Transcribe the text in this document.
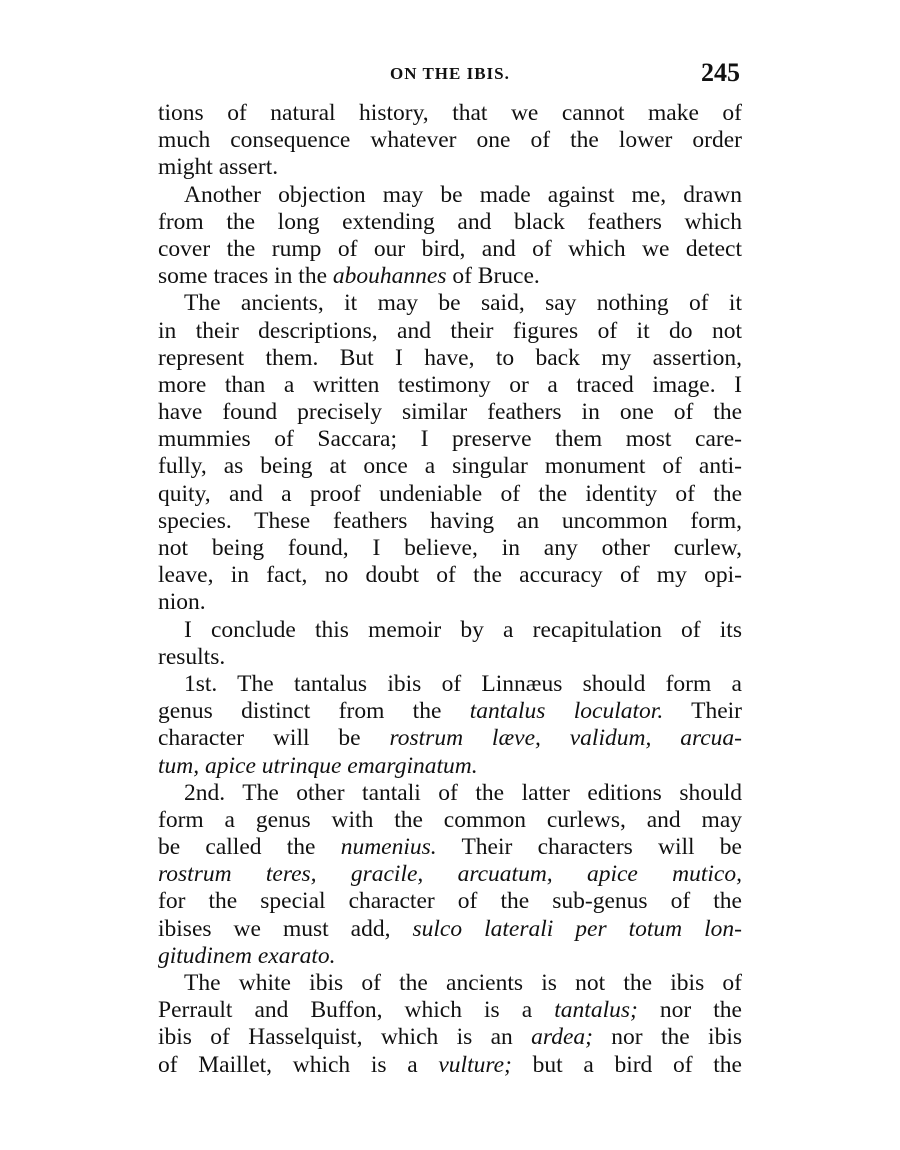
ON THE IBIS.	245
tions of natural history, that we cannot make of
much consequence whatever one of the lower order
might assert.
Another objection may be made against me, drawn
from the long extending and black feathers which
cover the rump of our bird, and of which we detect
some traces in the abouhannes of Bruce.
The ancients, it may be said, say nothing of it
in their descriptions, and their figures of it do not
represent them. But I have, to back my assertion,
more than a written testimony or a traced image. I
have found precisely similar feathers in one of the
mummies of Saccara; I preserve them most care-
fully, as being at once a singular monument of anti-
quity, and a proof undeniable of the identity of the
species. These feathers having an uncommon form,
not being found, I believe, in any other curlew,
leave, in fact, no doubt of the accuracy of my opi-
nion.
I conclude this memoir by a recapitulation of its
results.
1st. The tantalus ibis of Linnæus should form a
genus distinct from the tantalus loculator. Their
character will be rostrum læve, validum, arcua-
tum, apice utrinque emarginatum.
2nd. The other tantali of the latter editions should
form a genus with the common curlews, and may
be called the numenius. Their characters will be
rostrum teres, gracile, arcuatum, apice mutico,
for the special character of the sub-genus of the
ibises we must add, sulco laterali per totum lon-
gitudinem exarato.
The white ibis of the ancients is not the ibis of
Perrault and Buffon, which is a tantalus; nor the
ibis of Hasselquist, which is an ardea; nor the ibis
of Maillet, which is a vulture; but a bird of the
